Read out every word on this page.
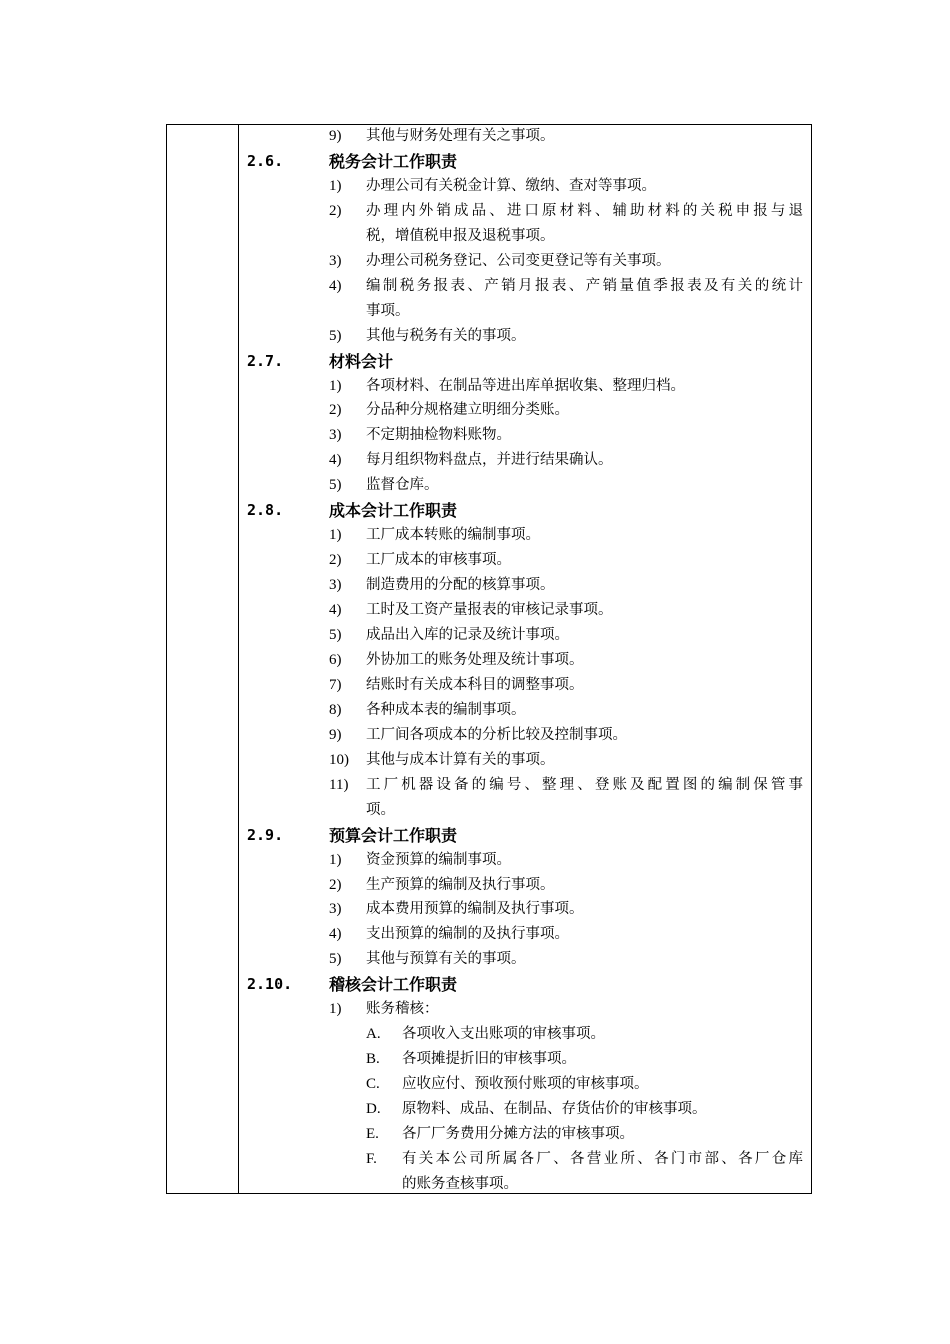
9) 其他与财务处理有关之事项。
2.6.	税务会计工作职责
1) 办理公司有关税金计算、缴纳、查对等事项。
2) 办理内外销成品、进口原材料、辅助材料的关税申报与退
税，增值税申报及退税事项。
3) 办理公司税务登记、公司变更登记等有关事项。
4) 编制税务报表、产销月报表、产销量值季报表及有关的统计
事项。
5) 其他与税务有关的事项。
2.7.	材料会计
1) 各项材料、在制品等进出库单据收集、整理归档。
2) 分品种分规格建立明细分类账。
3) 不定期抽检物料账物。
4) 每月组织物料盘点，并进行结果确认。
5) 监督仓库。
2.8.	成本会计工作职责
1) 工厂成本转账的编制事项。
2) 工厂成本的审核事项。
3) 制造费用的分配的核算事项。
4) 工时及工资产量报表的审核记录事项。
5) 成品出入库的记录及统计事项。
6) 外协加工的账务处理及统计事项。
7) 结账时有关成本科目的调整事项。
8) 各种成本表的编制事项。
9) 工厂间各项成本的分析比较及控制事项。
10) 其他与成本计算有关的事项。
11) 工厂机器设备的编号、整理、登账及配置图的编制保管事
项。
2.9.	预算会计工作职责
1) 资金预算的编制事项。
2) 生产预算的编制及执行事项。
3) 成本费用预算的编制及执行事项。
4) 支出预算的编制的及执行事项。
5) 其他与预算有关的事项。
2.10. 稽核会计工作职责
1) 账务稽核：
A. 各项收入支出账项的审核事项。
B. 各项摊提折旧的审核事项。
C. 应收应付、预收预付账项的审核事项。
D. 原物料、成品、在制品、存货估价的审核事项。
E. 各厂厂务费用分摊方法的审核事项。
F. 有关本公司所属各厂、各营业所、各门市部、各厂仓库
的账务查核事项。
